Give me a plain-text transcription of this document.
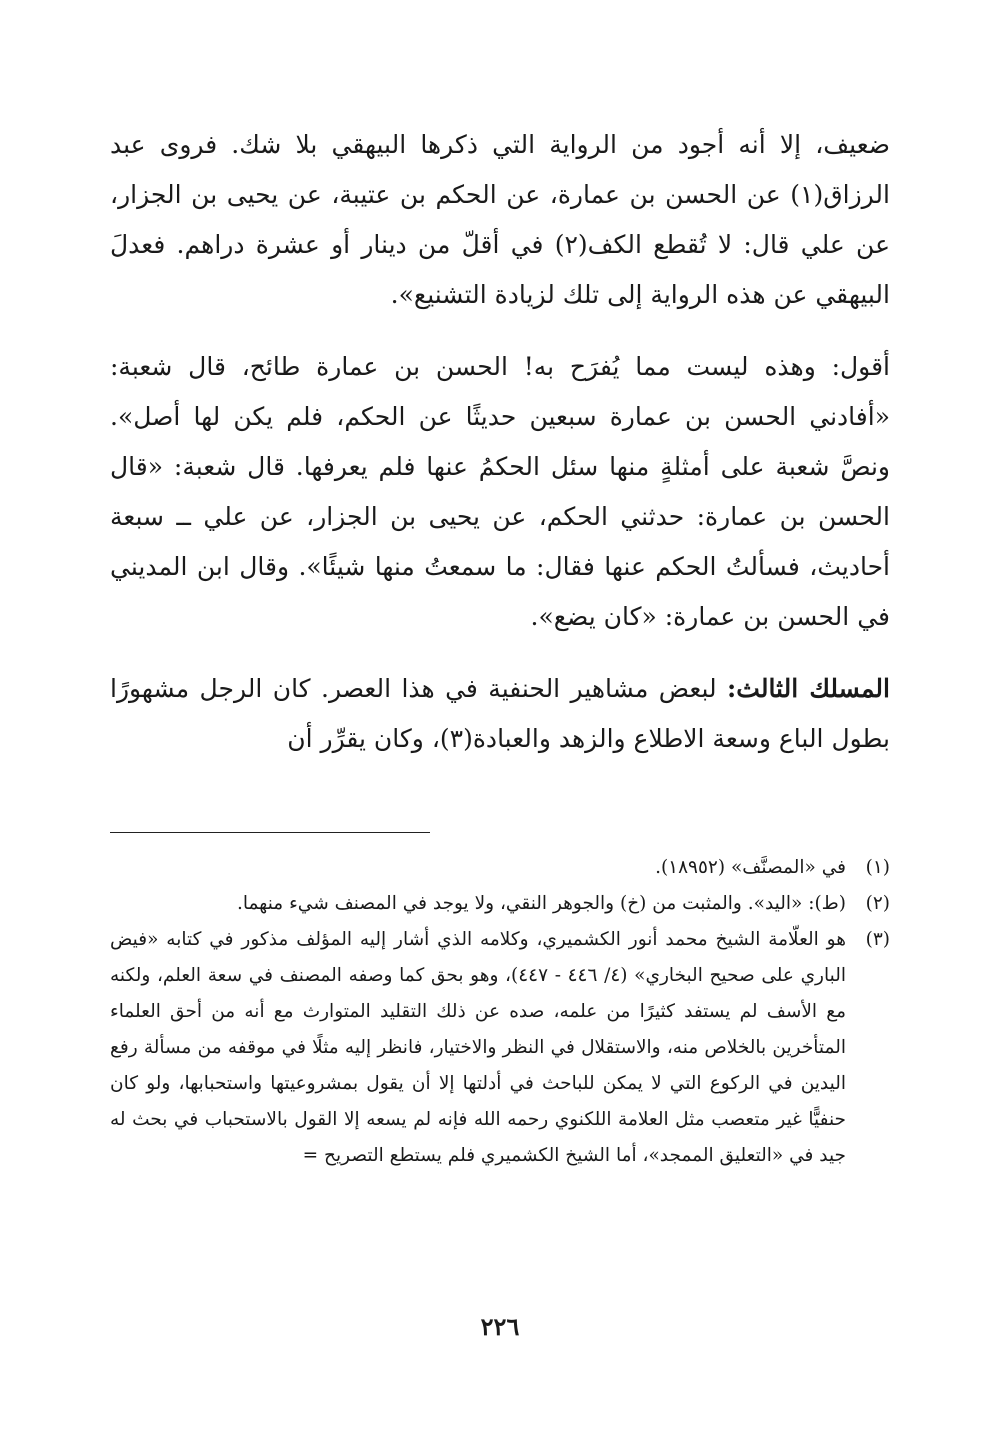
ضعيف، إلا أنه أجود من الرواية التي ذكرها البيهقي بلا شك. فروى عبد الرزاق(١) عن الحسن بن عمارة، عن الحكم بن عتيبة، عن يحيى بن الجزار، عن علي قال: لا تُقطع الكف(٢) في أقلّ من دينار أو عشرة دراهم. فعدلَ البيهقي عن هذه الرواية إلى تلك لزيادة التشنيع».

أقول: وهذه ليست مما يُفرَح به! الحسن بن عمارة طائح، قال شعبة: «أفادني الحسن بن عمارة سبعين حديثًا عن الحكم، فلم يكن لها أصل». ونصَّ شعبة على أمثلةٍ منها سئل الحكمُ عنها فلم يعرفها. قال شعبة: «قال الحسن بن عمارة: حدثني الحكم، عن يحيى بن الجزار، عن علي ــ سبعة أحاديث، فسألتُ الحكم عنها فقال: ما سمعتُ منها شيئًا». وقال ابن المديني في الحسن بن عمارة: «كان يضع».

المسلك الثالث: لبعض مشاهير الحنفية في هذا العصر. كان الرجل مشهورًا بطول الباع وسعة الاطلاع والزهد والعبادة(٣)، وكان يقرِّر أن

(١)
في «المصنَّف» (١٨٩٥٢).
(٢)
(ط): «اليد». والمثبت من (خ) والجوهر النقي، ولا يوجد في المصنف شيء منهما.
(٣)
هو العلّامة الشيخ محمد أنور الكشميري، وكلامه الذي أشار إليه المؤلف مذكور في كتابه «فيض الباري على صحيح البخاري» (٤/ ٤٤٦ - ٤٤٧)، وهو بحق كما وصفه المصنف في سعة العلم، ولكنه مع الأسف لم يستفد كثيرًا من علمه، صده عن ذلك التقليد المتوارث مع أنه من أحق العلماء المتأخرين بالخلاص منه، والاستقلال في النظر والاختيار، فانظر إليه مثلًا في موقفه من مسألة رفع اليدين في الركوع التي لا يمكن للباحث في أدلتها إلا أن يقول بمشروعيتها واستحبابها، ولو كان حنفيًّا غير متعصب مثل العلامة اللكنوي رحمه الله فإنه لم يسعه إلا القول بالاستحباب في بحث له جيد في «التعليق الممجد»، أما الشيخ الكشميري فلم يستطع التصريح =
٢٢٦
